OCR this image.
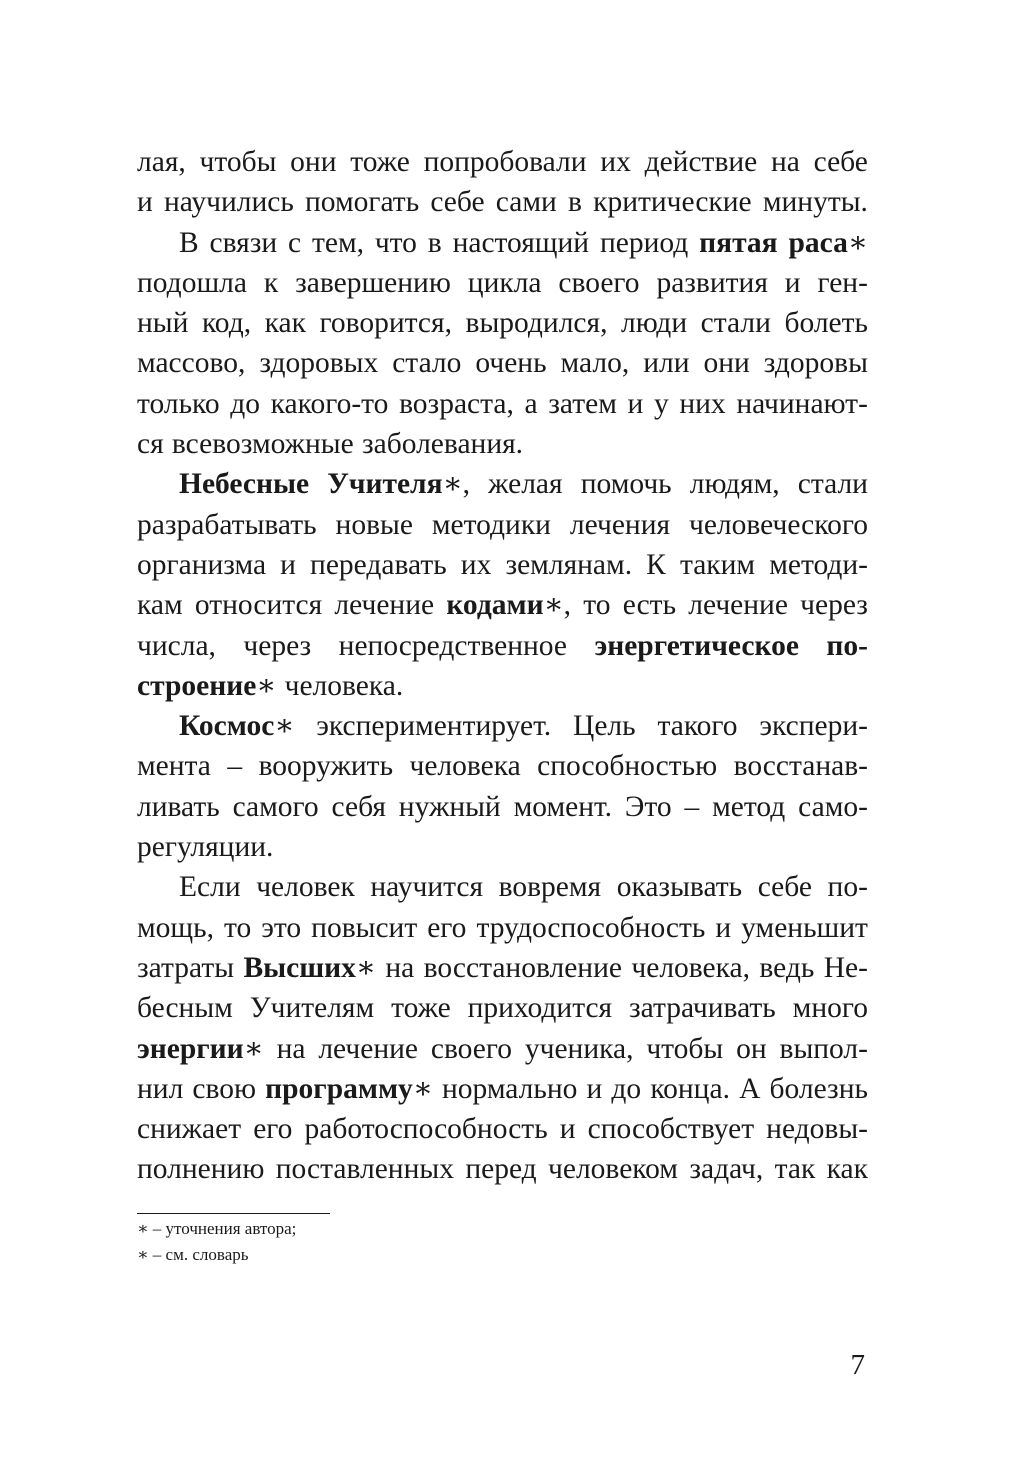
лая, чтобы они тоже попробовали их действие на себе
и научились помогать себе сами в критические минуты.
В связи с тем, что в настоящий период пятая раса∗
подошла к завершению цикла своего развития и ген-
ный код, как говорится, выродился, люди стали болеть
массово, здоровых стало очень мало, или они здоровы
только до какого-то возраста, а затем и у них начинают-
ся всевозможные заболевания.
Небесные Учителя∗, желая помочь людям, стали
разрабатывать новые методики лечения человеческого
организма и передавать их землянам. К таким методи-
кам относится лечение кодами∗, то есть лечение через
числа, через непосредственное энергетическое по-
строение∗ человека.
Космос∗ экспериментирует. Цель такого экспери-
мента – вооружить человека способностью восстанав-
ливать самого себя нужный момент. Это – метод само-
регуляции.
Если человек научится вовремя оказывать себе по-
мощь, то это повысит его трудоспособность и уменьшит
затраты Высших∗ на восстановление человека, ведь Не-
бесным Учителям тоже приходится затрачивать много
энергии∗ на лечение своего ученика, чтобы он выпол-
нил свою программу∗ нормально и до конца. А болезнь
снижает его работоспособность и способствует недовы-
полнению поставленных перед человеком задач, так как
∗ – уточнения автора;
∗ – см. словарь
7
